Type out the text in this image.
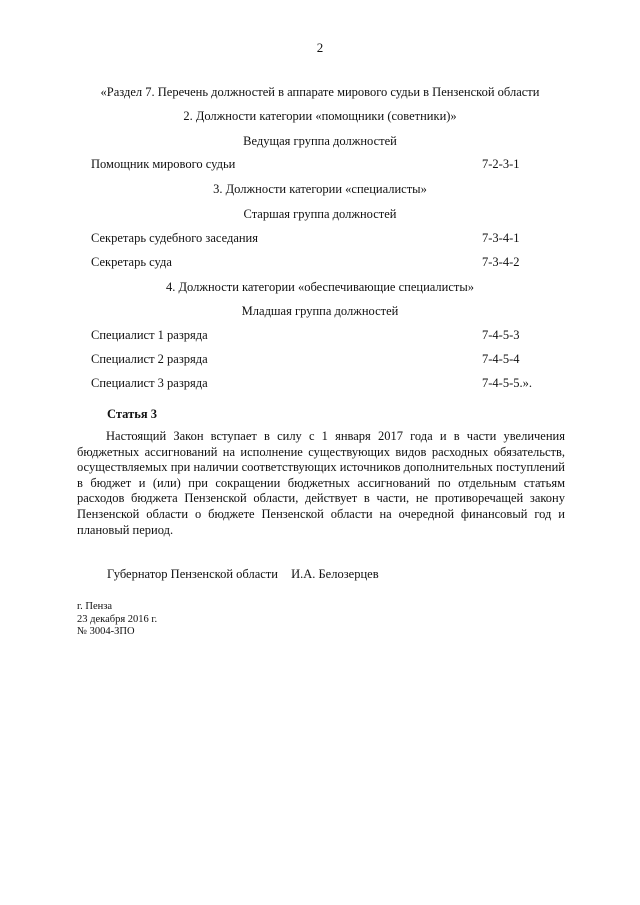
2
«Раздел 7. Перечень должностей в аппарате мирового судьи в Пензенской области
2. Должности категории «помощники (советники)»
Ведущая группа должностей
Помощник мирового судьи	7-2-3-1
3. Должности категории «специалисты»
Старшая группа должностей
Секретарь судебного заседания	7-3-4-1
Секретарь суда	7-3-4-2
4. Должности категории «обеспечивающие специалисты»
Младшая группа должностей
Специалист 1 разряда	7-4-5-3
Специалист 2 разряда	7-4-5-4
Специалист 3 разряда	7-4-5-5.».
Статья 3

Настоящий Закон вступает в силу с 1 января 2017 года и в части увеличения бюджетных ассигнований на исполнение существующих видов расходных обязательств, осуществляемых при наличии соответствующих источников дополнительных поступлений в бюджет и (или) при сокращении бюджетных ассигнований по отдельным статьям расходов бюджета Пензенской области, действует в части, не противоречащей закону Пензенской области о бюджете Пензенской области на очередной финансовый год и плановый период.

Губернатор Пензенской области И.А. Белозерцев
г. Пенза
23 декабря 2016 г.
№ 3004-ЗПО
